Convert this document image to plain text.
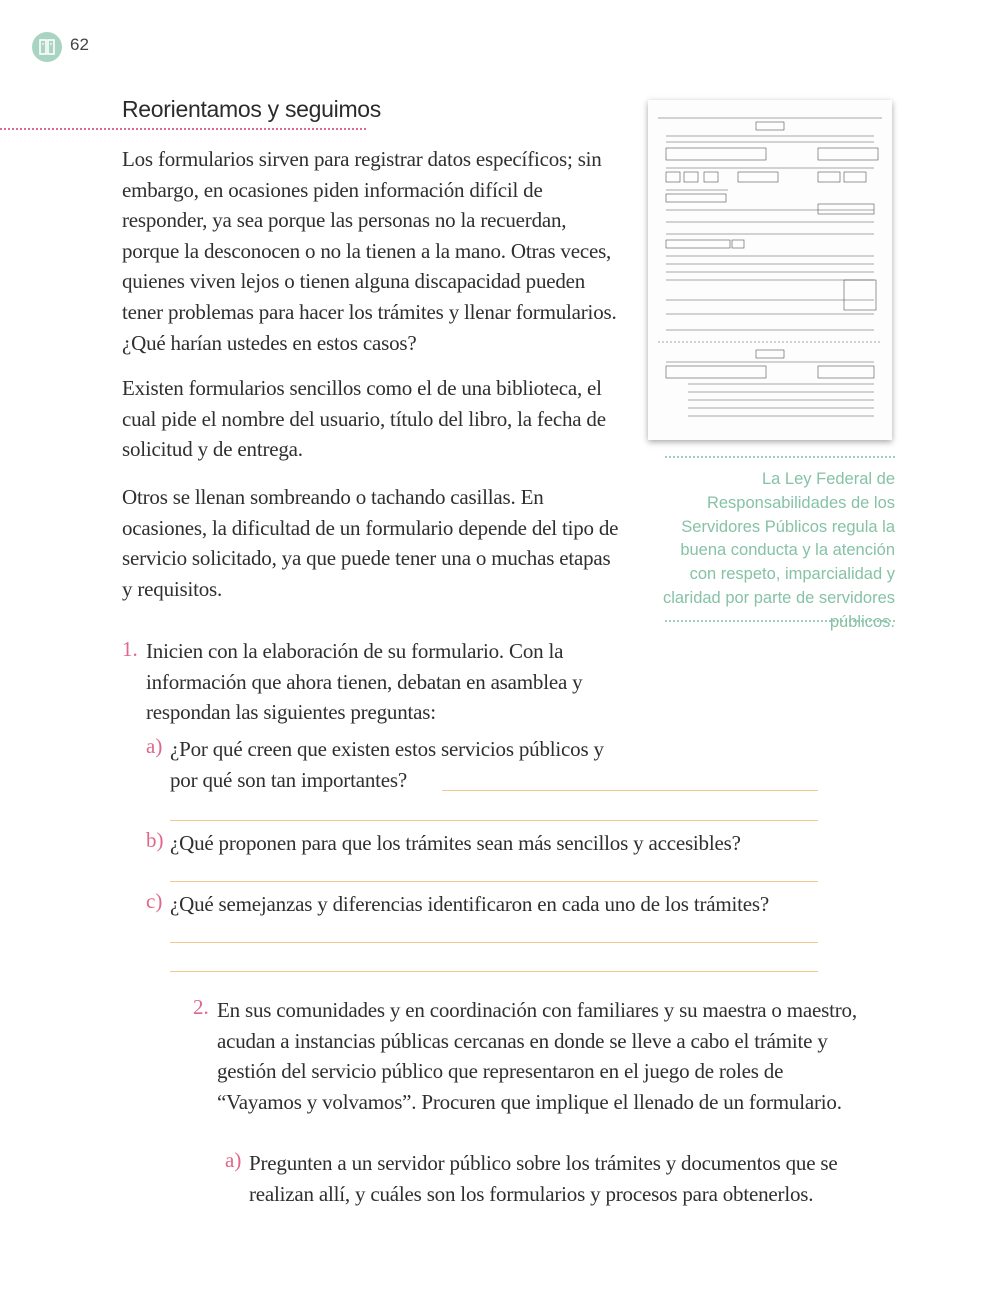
62
Reorientamos y seguimos

Los formularios sirven para registrar datos específicos; sin embargo, en ocasiones piden información difícil de responder, ya sea porque las personas no la recuerdan, porque la desconocen o no la tienen a la mano. Otras veces, quienes viven lejos o tienen alguna discapacidad pueden tener problemas para hacer los trámites y llenar formularios. ¿Qué harían ustedes en estos casos?

Existen formularios sencillos como el de una biblioteca, el cual pide el nombre del usuario, título del libro, la fecha de solicitud y de entrega.

Otros se llenan sombreando o tachando casillas. En ocasiones, la dificultad de un formulario depende del tipo de servicio solicitado, ya que puede tener una o muchas etapas y requisitos.

La Ley Federal de Responsabilidades de los Servidores Públicos regula la buena conducta y la atención con respeto, imparcialidad y claridad por parte de servidores públicos.

1. Inicien con la elaboración de su formulario. Con la información que ahora tienen, debatan en asamblea y respondan las siguientes preguntas:

a) ¿Por qué creen que existen estos servicios públicos y por qué son tan importantes?

b) ¿Qué proponen para que los trámites sean más sencillos y accesibles?

c) ¿Qué semejanzas y diferencias identificaron en cada uno de los trámites?

2. En sus comunidades y en coordinación con familiares y su maestra o maestro, acudan a instancias públicas cercanas en donde se lleve a cabo el trámite y gestión del servicio público que representaron en el juego de roles de “Vayamos y volvamos”. Procuren que implique el llenado de un formulario.

a) Pregunten a un servidor público sobre los trámites y documentos que se realizan allí, y cuáles son los formularios y procesos para obtenerlos.
